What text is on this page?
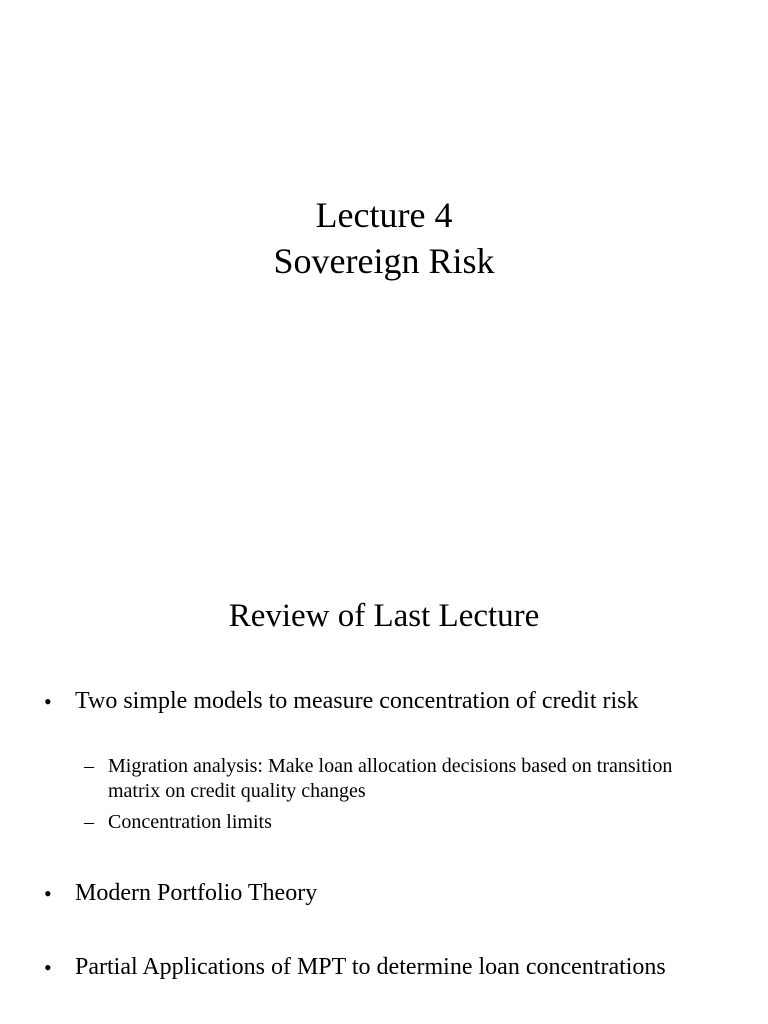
Lecture 4
Sovereign Risk
Review of Last Lecture
• Two simple models to measure concentration of credit risk
– Migration analysis: Make loan allocation decisions based on transition matrix on credit quality changes
– Concentration limits
• Modern Portfolio Theory
• Partial Applications of MPT to determine loan concentrations
